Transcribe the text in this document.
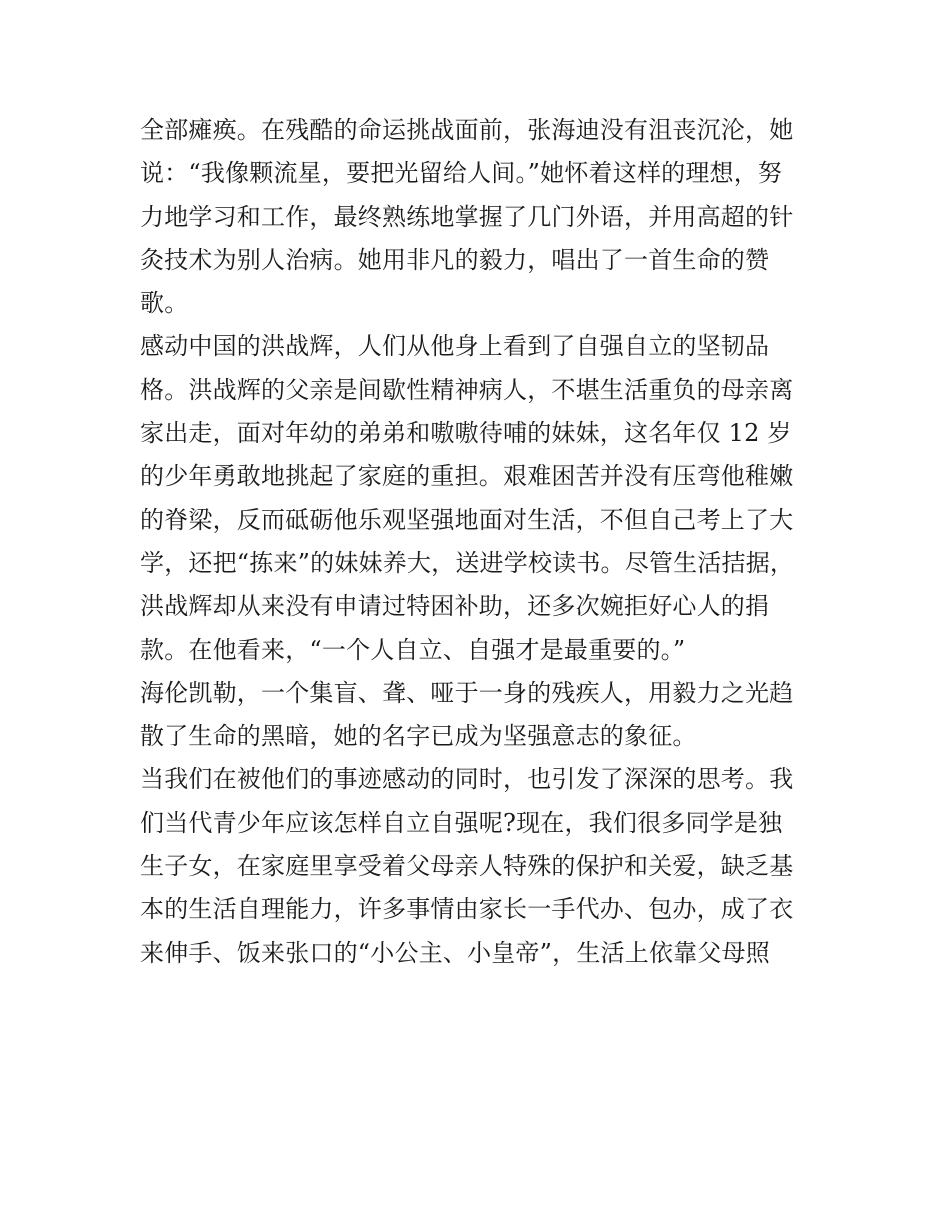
全部瘫痪。在残酷的命运挑战面前，张海迪没有沮丧沉沦，她
说：“我像颗流星，要把光留给人间。”她怀着这样的理想，努
力地学习和工作，最终熟练地掌握了几门外语，并用高超的针
灸技术为别人治病。她用非凡的毅力，唱出了一首生命的赞
歌。
感动中国的洪战辉，人们从他身上看到了自强自立的坚韧品
格。洪战辉的父亲是间歇性精神病人，不堪生活重负的母亲离
家出走，面对年幼的弟弟和嗷嗷待哺的妹妹，这名年仅 12 岁
的少年勇敢地挑起了家庭的重担。艰难困苦并没有压弯他稚嫩
的脊梁，反而砥砺他乐观坚强地面对生活，不但自己考上了大
学，还把“拣来”的妹妹养大，送进学校读书。尽管生活拮据，
洪战辉却从来没有申请过特困补助，还多次婉拒好心人的捐
款。在他看来，“一个人自立、自强才是最重要的。”
海伦凯勒，一个集盲、聋、哑于一身的残疾人，用毅力之光趋
散了生命的黑暗，她的名字已成为坚强意志的象征。
当我们在被他们的事迹感动的同时，也引发了深深的思考。我
们当代青少年应该怎样自立自强呢?现在，我们很多同学是独
生子女，在家庭里享受着父母亲人特殊的保护和关爱，缺乏基
本的生活自理能力，许多事情由家长一手代办、包办，成了衣
来伸手、饭来张口的“小公主、小皇帝”，生活上依靠父母照
